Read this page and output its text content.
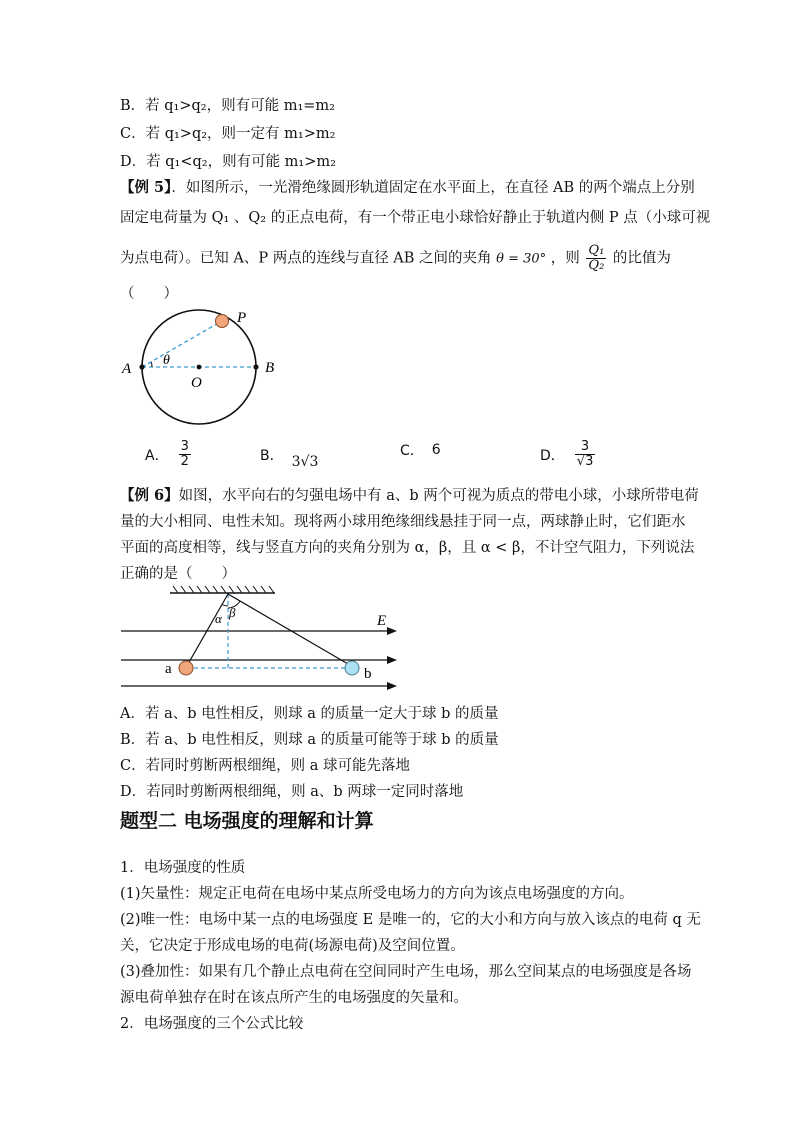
B．若 q₁>q₂，则有可能 m₁=m₂
C．若 q₁>q₂，则一定有 m₁>m₂
D．若 q₁<q₂，则有可能 m₁>m₂
【例 5】．如图所示，一光滑绝缘圆形轨道固定在水平面上，在直径 AB 的两个端点上分别
固定电荷量为 Q₁ 、Q₂ 的正点电荷，有一个带正电小球恰好静止于轨道内侧 P 点（小球可视
为点电荷）。已知 A、P 两点的连线与直径 AB 之间的夹角 θ = 30° ，则 $\frac{\text{Q₁}}{\text{Q₂}}$ 的比值为
（　　）
A	B
O
P
θ
A． $\frac{3}{2}$	B． 3√3
C． 6	D． $\frac{3}{√3}$
【例 6】如图，水平向右的匀强电场中有 a、b 两个可视为质点的带电小球，小球所带电荷
量的大小相同、电性未知。现将两小球用绝缘细线悬挂于同一点，两球静止时，它们距水
平面的高度相等，线与竖直方向的夹角分别为 α，β，且 α < β，不计空气阻力，下列说法
正确的是（　　）
E
a	b
α β
A．若 a、b 电性相反，则球 a 的质量一定大于球 b 的质量
B．若 a、b 电性相反，则球 a 的质量可能等于球 b 的质量
C．若同时剪断两根细绳，则 a 球可能先落地
D．若同时剪断两根细绳，则 a、b 两球一定同时落地
题型二 电场强度的理解和计算
1．电场强度的性质
(1)矢量性：规定正电荷在电场中某点所受电场力的方向为该点电场强度的方向。
(2)唯一性：电场中某一点的电场强度 E 是唯一的，它的大小和方向与放入该点的电荷 q 无
关，它决定于形成电场的电荷(场源电荷)及空间位置。
(3)叠加性：如果有几个静止点电荷在空间同时产生电场，那么空间某点的电场强度是各场
源电荷单独存在时在该点所产生的电场强度的矢量和。
2．电场强度的三个公式比较
